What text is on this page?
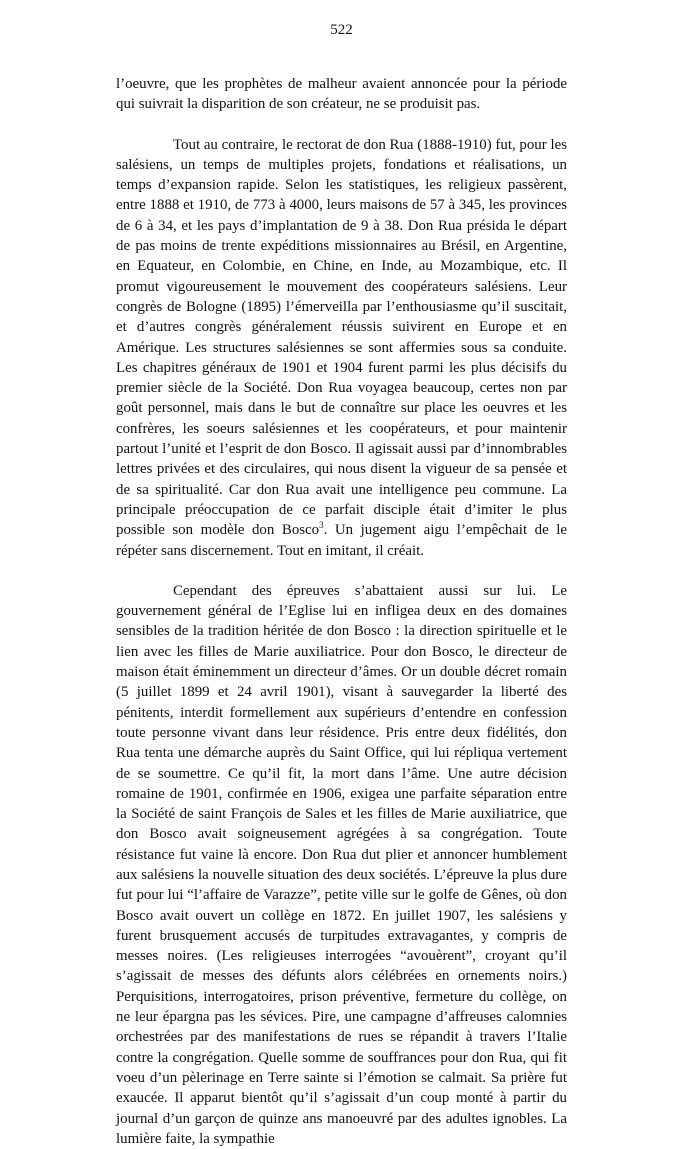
522

l’oeuvre, que les prophètes de malheur avaient annoncée pour la période qui suivrait la disparition de son créateur, ne se produisit pas.

Tout au contraire, le rectorat de don Rua (1888-1910) fut, pour les salésiens, un temps de multiples projets, fondations et réalisations, un temps d’expansion rapide. Selon les statistiques, les religieux passèrent, entre 1888 et 1910, de 773 à 4000, leurs maisons de 57 à 345, les provinces de 6 à 34, et les pays d’implantation de 9 à 38. Don Rua présida le départ de pas moins de trente expéditions missionnaires au Brésil, en Argentine, en Equateur, en Colombie, en Chine, en Inde, au Mozambique, etc. Il promut vigoureusement le mouvement des coopérateurs salésiens. Leur congrès de Bologne (1895) l’émerveilla par l’enthousiasme qu’il suscitait, et d’autres congrès généralement réussis suivirent en Europe et en Amérique. Les structures salésiennes se sont affermies sous sa conduite. Les chapitres généraux de 1901 et 1904 furent parmi les plus décisifs du premier siècle de la Société. Don Rua voyagea beaucoup, certes non par goût personnel, mais dans le but de connaître sur place les oeuvres et les confrères, les soeurs salésiennes et les coopérateurs, et pour maintenir partout l’unité et l’esprit de don Bosco. Il agissait aussi par d’innombrables lettres privées et des circulaires, qui nous disent la vigueur de sa pensée et de sa spiritualité. Car don Rua avait une intelligence peu commune. La principale préoccupation de ce parfait disciple était d’imiter le plus possible son modèle don Bosco$^3$. Un jugement aigu l’empêchait de le répéter sans discernement. Tout en imitant, il créait.

Cependant des épreuves s’abattaient aussi sur lui. Le gouvernement général de l’Eglise lui en infligea deux en des domaines sensibles de la tradition héritée de don Bosco : la direction spirituelle et le lien avec les filles de Marie auxiliatrice. Pour don Bosco, le directeur de maison était éminemment un directeur d’âmes. Or un double décret romain (5 juillet 1899 et 24 avril 1901), visant à sauvegarder la liberté des pénitents, interdit formellement aux supérieurs d’entendre en confession toute personne vivant dans leur résidence. Pris entre deux fidélités, don Rua tenta une démarche auprès du Saint Office, qui lui répliqua vertement de se soumettre. Ce qu’il fit, la mort dans l’âme. Une autre décision romaine de 1901, confirmée en 1906, exigea une parfaite séparation entre la Société de saint François de Sales et les filles de Marie auxiliatrice, que don Bosco avait soigneusement agrégées à sa congrégation. Toute résistance fut vaine là encore. Don Rua dut plier et annoncer humblement aux salésiens la nouvelle situation des deux sociétés. L’épreuve la plus dure fut pour lui “l’affaire de Varazze”, petite ville sur le golfe de Gênes, où don Bosco avait ouvert un collège en 1872. En juillet 1907, les salésiens y furent brusquement accusés de turpitudes extravagantes, y compris de messes noires. (Les religieuses interrogées “avouèrent”, croyant qu’il s’agissait de messes des défunts alors célébrées en ornements noirs.) Perquisitions, interrogatoires, prison préventive, fermeture du collège, on ne leur épargna pas les sévices. Pire, une campagne d’affreuses calomnies orchestrées par des manifestations de rues se répandit à travers l’Italie contre la congrégation. Quelle somme de souffrances pour don Rua, qui fit voeu d’un pèlerinage en Terre sainte si l’émotion se calmait. Sa prière fut exaucée. Il apparut bientôt qu’il s’agissait d’un coup monté à partir du journal d’un garçon de quinze ans manoeuvré par des adultes ignobles. La lumière faite, la sympathie
